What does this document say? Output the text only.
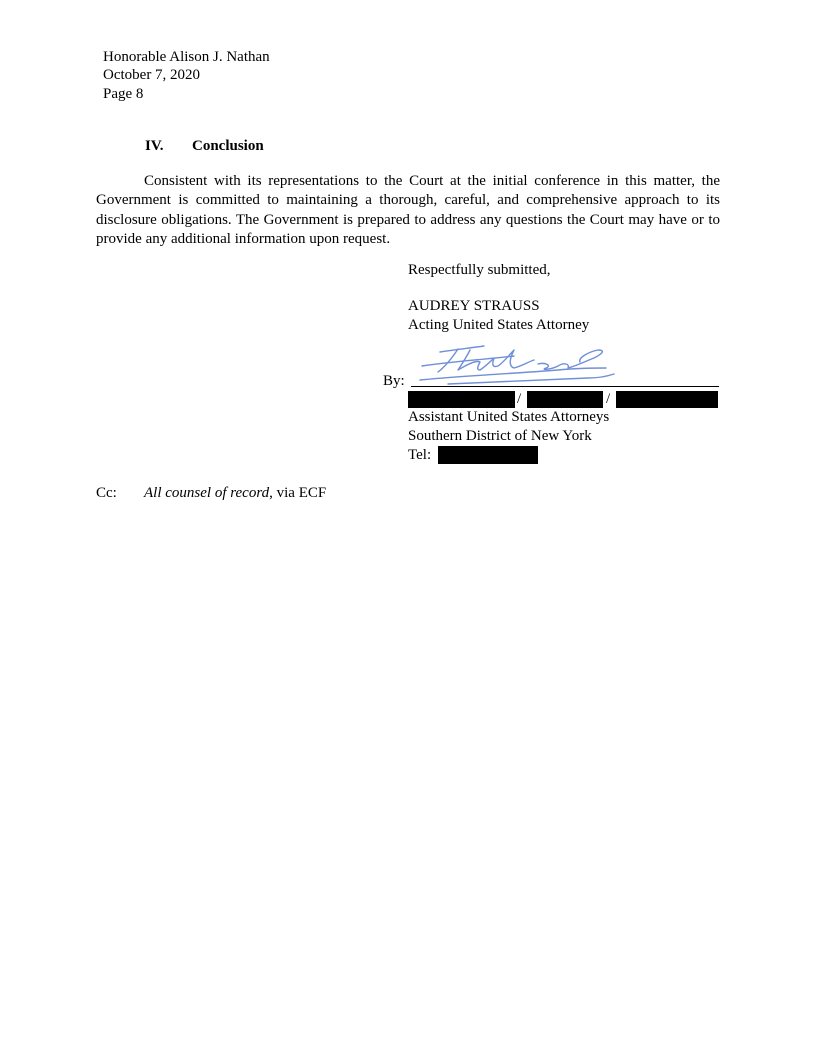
Honorable Alison J. Nathan
October 7, 2020
Page 8
IV. Conclusion
Consistent with its representations to the Court at the initial conference in this matter, the Government is committed to maintaining a thorough, careful, and comprehensive approach to its disclosure obligations. The Government is prepared to address any questions the Court may have or to provide any additional information upon request.
Respectfully submitted,
AUDREY STRAUSS
Acting United States Attorney
By:
/	/
Assistant United States Attorneys
Southern District of New York
Tel:
Cc: All counsel of record, via ECF
